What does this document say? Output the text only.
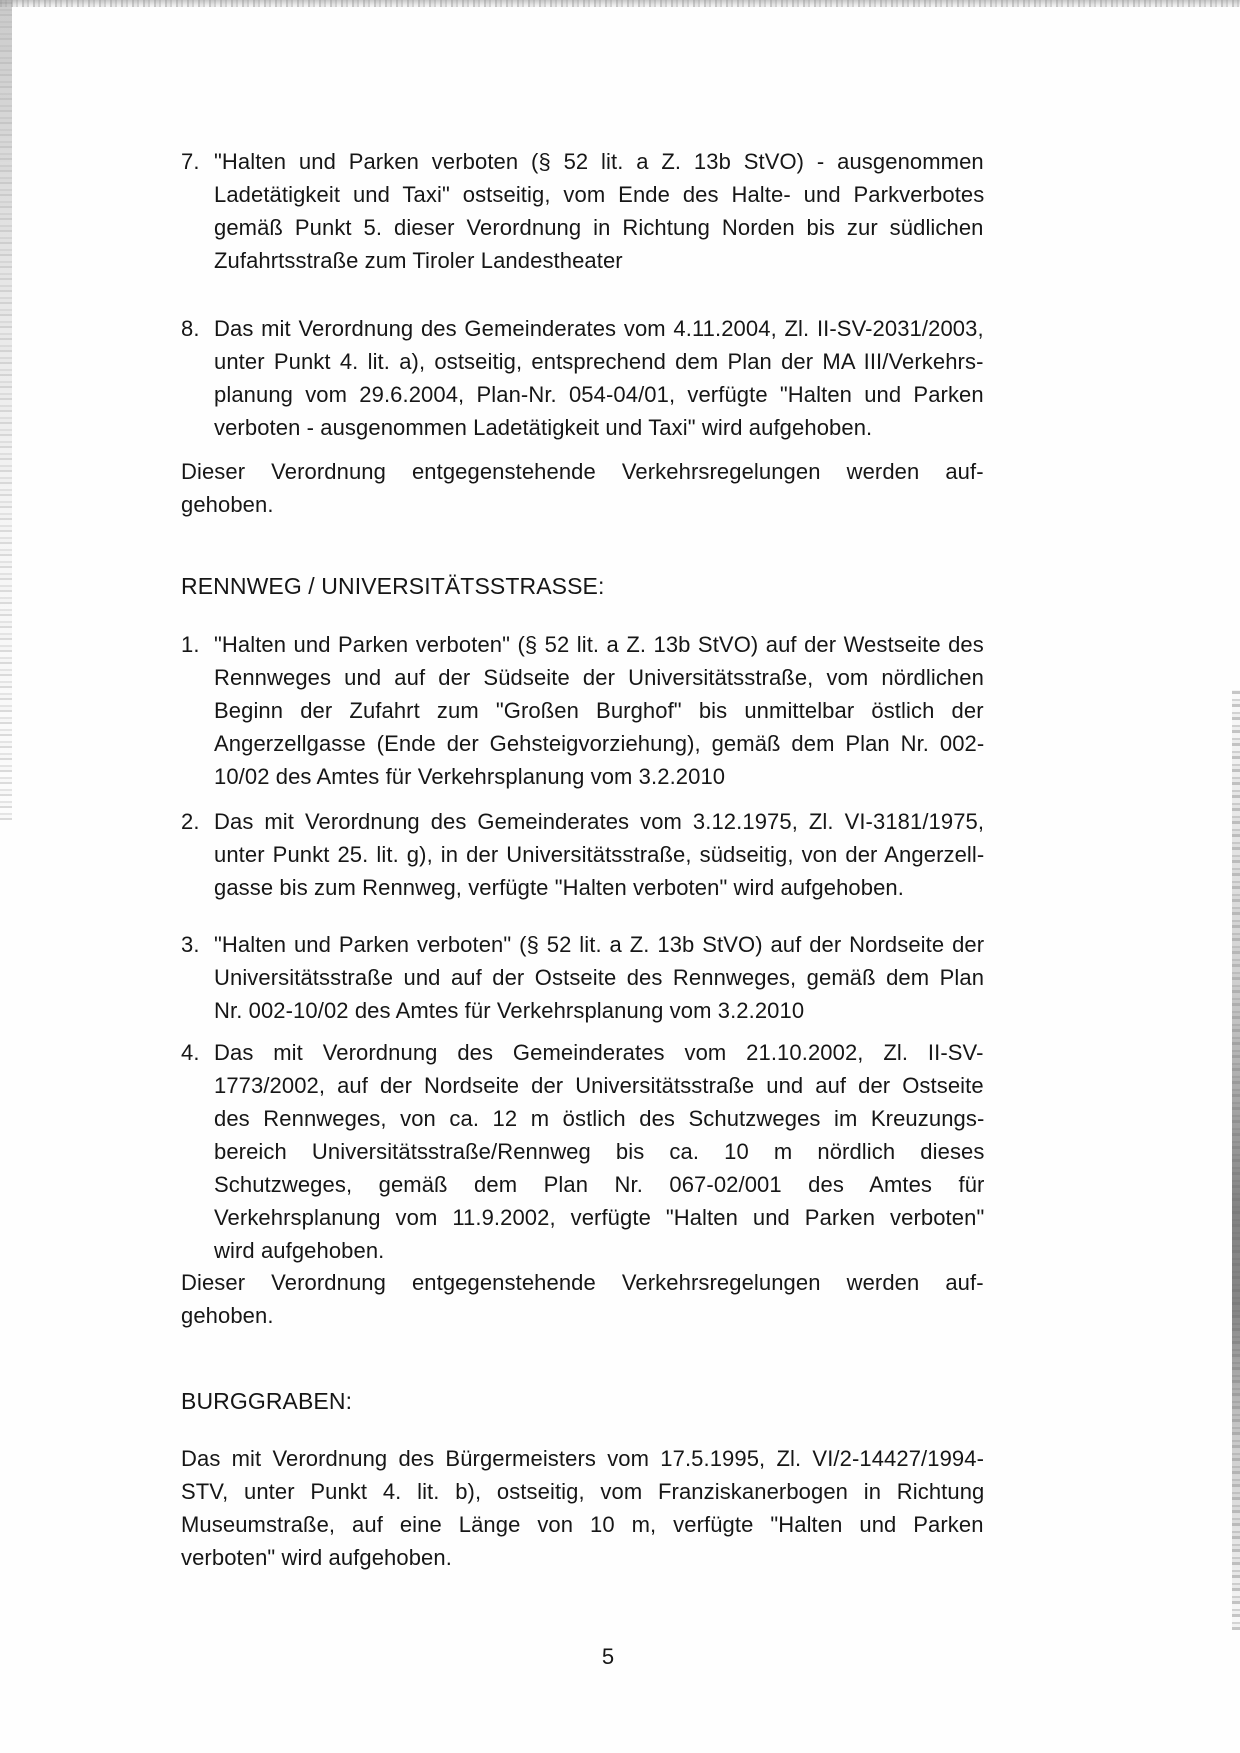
5
7. "Halten und Parken verboten (§ 52 lit. a Z. 13b StVO) - ausgenommen
Ladetätigkeit und Taxi" ostseitig, vom Ende des Halte- und Parkverbotes
gemäß Punkt 5. dieser Verordnung in Richtung Norden bis zur südlichen
Zufahrtsstraße zum Tiroler Landestheater
8. Das mit Verordnung des Gemeinderates vom 4.11.2004, Zl. II-SV-2031/2003,
unter Punkt 4. lit. a), ostseitig, entsprechend dem Plan der MA III/Verkehrs-
planung vom 29.6.2004, Plan-Nr. 054-04/01, verfügte "Halten und Parken
verboten - ausgenommen Ladetätigkeit und Taxi" wird aufgehoben.
Dieser Verordnung entgegenstehende Verkehrsregelungen werden auf-
gehoben.
RENNWEG / UNIVERSITÄTSSTRASSE:
1. "Halten und Parken verboten" (§ 52 lit. a Z. 13b StVO) auf der Westseite des
Rennweges und auf der Südseite der Universitätsstraße, vom nördlichen
Beginn der Zufahrt zum "Großen Burghof" bis unmittelbar östlich der
Angerzellgasse (Ende der Gehsteigvorziehung), gemäß dem Plan Nr. 002-
10/02 des Amtes für Verkehrsplanung vom 3.2.2010
2. Das mit Verordnung des Gemeinderates vom 3.12.1975, Zl. VI-3181/1975,
unter Punkt 25. lit. g), in der Universitätsstraße, südseitig, von der Angerzell-
gasse bis zum Rennweg, verfügte "Halten verboten" wird aufgehoben.
3. "Halten und Parken verboten" (§ 52 lit. a Z. 13b StVO) auf der Nordseite der
Universitätsstraße und auf der Ostseite des Rennweges, gemäß dem Plan
Nr. 002-10/02 des Amtes für Verkehrsplanung vom 3.2.2010
4. Das mit Verordnung des Gemeinderates vom 21.10.2002, Zl. II-SV-
1773/2002, auf der Nordseite der Universitätsstraße und auf der Ostseite
des Rennweges, von ca. 12 m östlich des Schutzweges im Kreuzungs-
bereich Universitätsstraße/Rennweg bis ca. 10 m nördlich dieses
Schutzweges, gemäß dem Plan Nr. 067-02/001 des Amtes für
Verkehrsplanung vom 11.9.2002, verfügte "Halten und Parken verboten"
wird aufgehoben.
Dieser Verordnung entgegenstehende Verkehrsregelungen werden auf-
gehoben.
BURGGRABEN:
Das mit Verordnung des Bürgermeisters vom 17.5.1995, Zl. VI/2-14427/1994-
STV, unter Punkt 4. lit. b), ostseitig, vom Franziskanerbogen in Richtung
Museumstraße, auf eine Länge von 10 m, verfügte "Halten und Parken
verboten" wird aufgehoben.
